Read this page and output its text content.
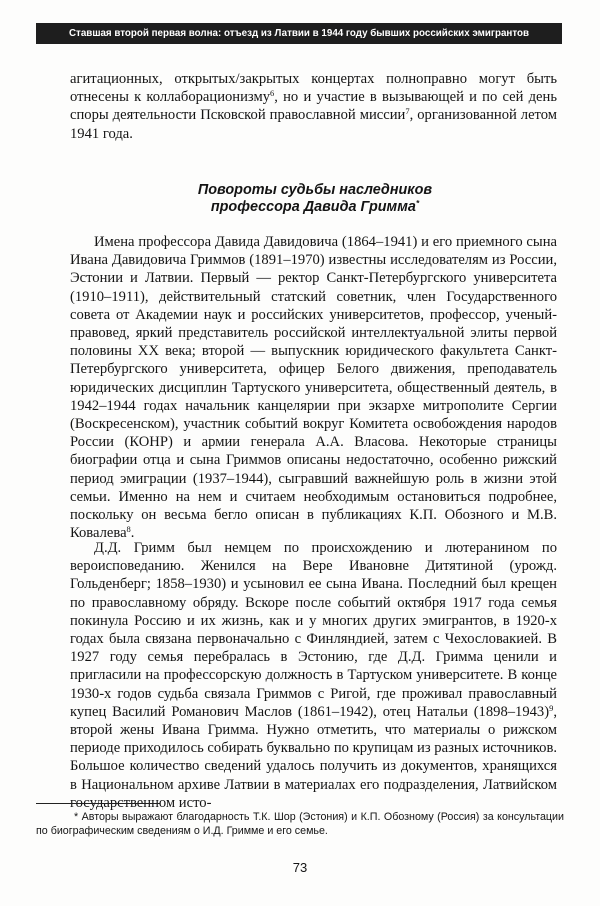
Ставшая второй первая волна: отъезд из Латвии в 1944 году бывших российских эмигрантов

агитационных, открытых/закрытых концертах полноправно могут быть отнесены к коллаборационизму$^6$, но и участие в вызывающей и по сей день споры деятельности Псковской православной миссии$^7$, организованной летом 1941 года.

Повороты судьбы наследников
профессора Давида Гримма*

Имена профессора Давида Давидовича (1864–1941) и его приемного сына Ивана Давидовича Гриммов (1891–1970) известны исследователям из России, Эстонии и Латвии. Первый — ректор Санкт-Петербургского университета (1910–1911), действительный статский советник, член Государственного совета от Академии наук и российских университетов, профессор, ученый-правовед, яркий представитель российской интеллектуальной элиты первой половины XX века; второй — выпускник юридического факультета Санкт-Петербургского университета, офицер Белого движения, преподаватель юридических дисциплин Тартуского университета, общественный деятель, в 1942–1944 годах начальник канцелярии при экзархе митрополите Сергии (Воскресенском), участник событий вокруг Комитета освобождения народов России (КОНР) и армии генерала А.А. Власова. Некоторые страницы биографии отца и сына Гриммов описаны недостаточно, особенно рижский период эмиграции (1937–1944), сыгравший важнейшую роль в жизни этой семьи. Именно на нем и считаем необходимым остановиться подробнее, поскольку он весьма бегло описан в публикациях К.П. Обозного и М.В. Ковалева$^8$.

Д.Д. Гримм был немцем по происхождению и лютеранином по вероисповеданию. Женился на Вере Ивановне Дитятиной (урожд. Гольденберг; 1858–1930) и усыновил ее сына Ивана. Последний был крещен по православному обряду. Вскоре после событий октября 1917 года семья покинула Россию и их жизнь, как и у многих других эмигрантов, в 1920-х годах была связана первоначально с Финляндией, затем с Чехословакией. В 1927 году семья перебралась в Эстонию, где Д.Д. Гримма ценили и пригласили на профессорскую должность в Тартуском университете. В конце 1930-х годов судьба связала Гриммов с Ригой, где проживал православный купец Василий Романович Маслов (1861–1942), отец Натальи (1898–1943)$^9$, второй жены Ивана Гримма. Нужно отметить, что материалы о рижском периоде приходилось собирать буквально по крупицам из разных источников. Большое количество сведений удалось получить из документов, хранящихся в Национальном архиве Латвии в материалах его подразделения, Латвийском государственном исто-

* Авторы выражают благодарность Т.К. Шор (Эстония) и К.П. Обозному (Россия) за консультации по биографическим сведениям о И.Д. Гримме и его семье.

73
